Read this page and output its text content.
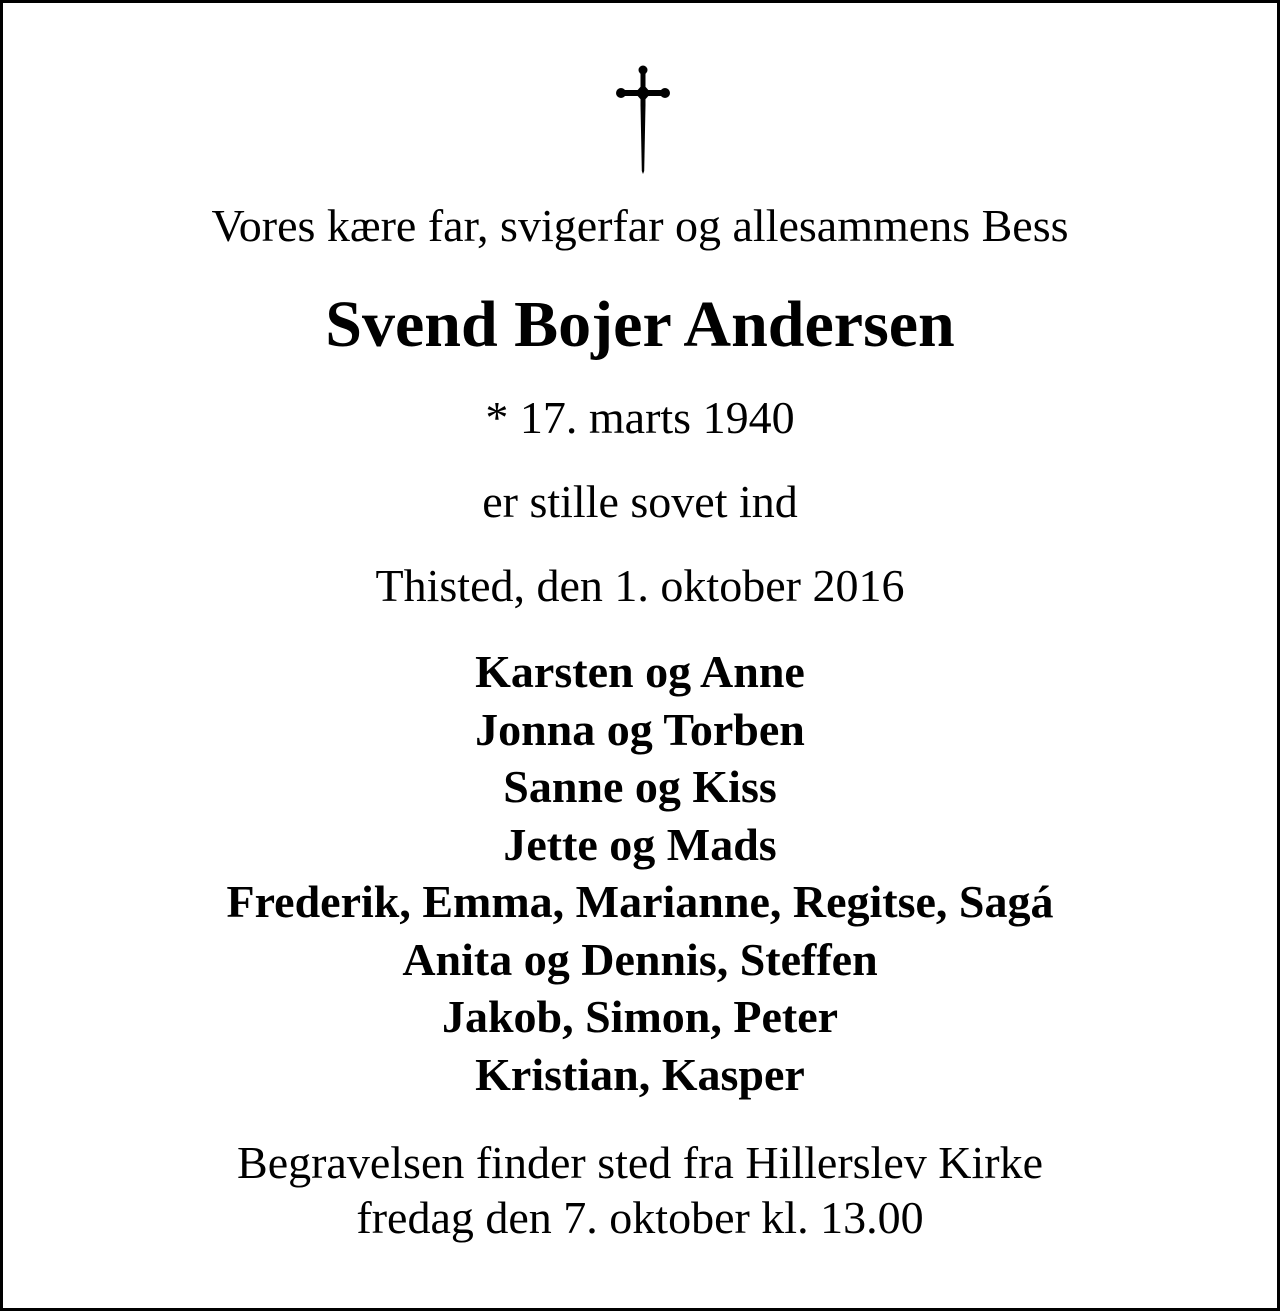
Vores kære far, svigerfar og allesammens Bess
Svend Bojer Andersen
* 17. marts 1940
er stille sovet ind
Thisted, den 1. oktober 2016
Karsten og Anne
Jonna og Torben
Sanne og Kiss
Jette og Mads
Frederik, Emma, Marianne, Regitse, Sagá
Anita og Dennis, Steffen
Jakob, Simon, Peter
Kristian, Kasper
Begravelsen finder sted fra Hillerslev Kirke
fredag den 7. oktober kl. 13.00
